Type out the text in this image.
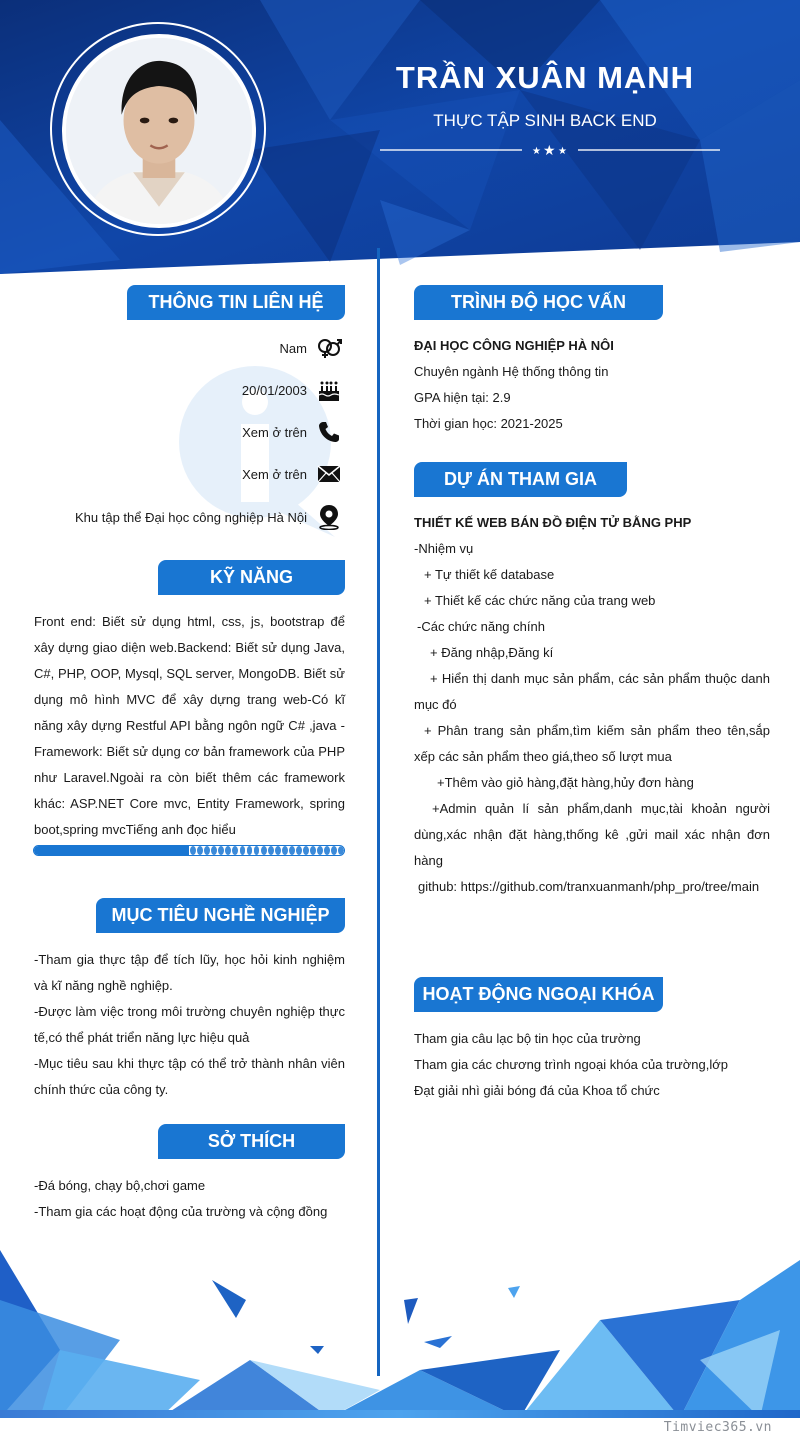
TRẦN XUÂN MẠNH
THỰC TẬP SINH BACK END
★ ★ ★
THÔNG TIN LIÊN HỆ
Nam
20/01/2003
Xem ở trên
Xem ở trên
Khu tập thể Đại học công nghiệp Hà Nội
KỸ NĂNG
Front end: Biết sử dụng html, css, js, bootstrap để xây dựng giao diện web.Backend: Biết sử dụng Java, C#, PHP, OOP, Mysql, SQL server, MongoDB. Biết sử dụng mô hình MVC để xây dựng trang web-Có kĩ năng xây dựng Restful API bằng ngôn ngữ C# ,java -Framework: Biết sử dụng cơ bản framework của PHP như Laravel.Ngoài ra còn biết thêm các framework khác: ASP.NET Core mvc, Entity Framework, spring boot,spring mvcTiếng anh đọc hiểu
MỤC TIÊU NGHỀ NGHIỆP
-Tham gia thực tập để tích lũy, học hỏi kinh nghiệm và kĩ năng nghề nghiệp.
-Được làm việc trong môi trường chuyên nghiệp thực tế,có thể phát triển năng lực hiệu quả
-Mục tiêu sau khi thực tập có thể trở thành nhân viên chính thức của công ty.
SỞ THÍCH
-Đá bóng, chạy bộ,chơi game
-Tham gia các hoạt động của trường và cộng đồng
TRÌNH ĐỘ HỌC VẤN
ĐẠI HỌC CÔNG NGHIỆP HÀ NÔI
Chuyên ngành Hệ thống thông tin
GPA hiện tại: 2.9
Thời gian học: 2021-2025
DỰ ÁN THAM GIA
THIẾT KẾ WEB BÁN ĐỒ ĐIỆN TỬ BẰNG PHP
-Nhiệm vụ
+ Tự thiết kế database
+ Thiết kế các chức năng của trang web
-Các chức năng chính
+ Đăng nhập,Đăng kí
+ Hiển thị danh mục sản phẩm, các sản phẩm thuộc danh mục đó
+ Phân trang sản phẩm,tìm kiếm sản phẩm theo tên,sắp xếp các sản phẩm theo giá,theo số lượt mua
+Thêm vào giỏ hàng,đặt hàng,hủy đơn hàng
+Admin quản lí sản phẩm,danh mục,tài khoản người dùng,xác nhận đặt hàng,thống kê ,gửi mail xác nhận đơn hàng
github: https://github.com/tranxuanmanh/php_pro/tree/main
HOẠT ĐỘNG NGOẠI KHÓA
Tham gia câu lạc bộ tin học của trường
Tham gia các chương trình ngoại khóa của trường,lớp
Đạt giải nhì giải bóng đá của Khoa tổ chức
Timviec365.vn
